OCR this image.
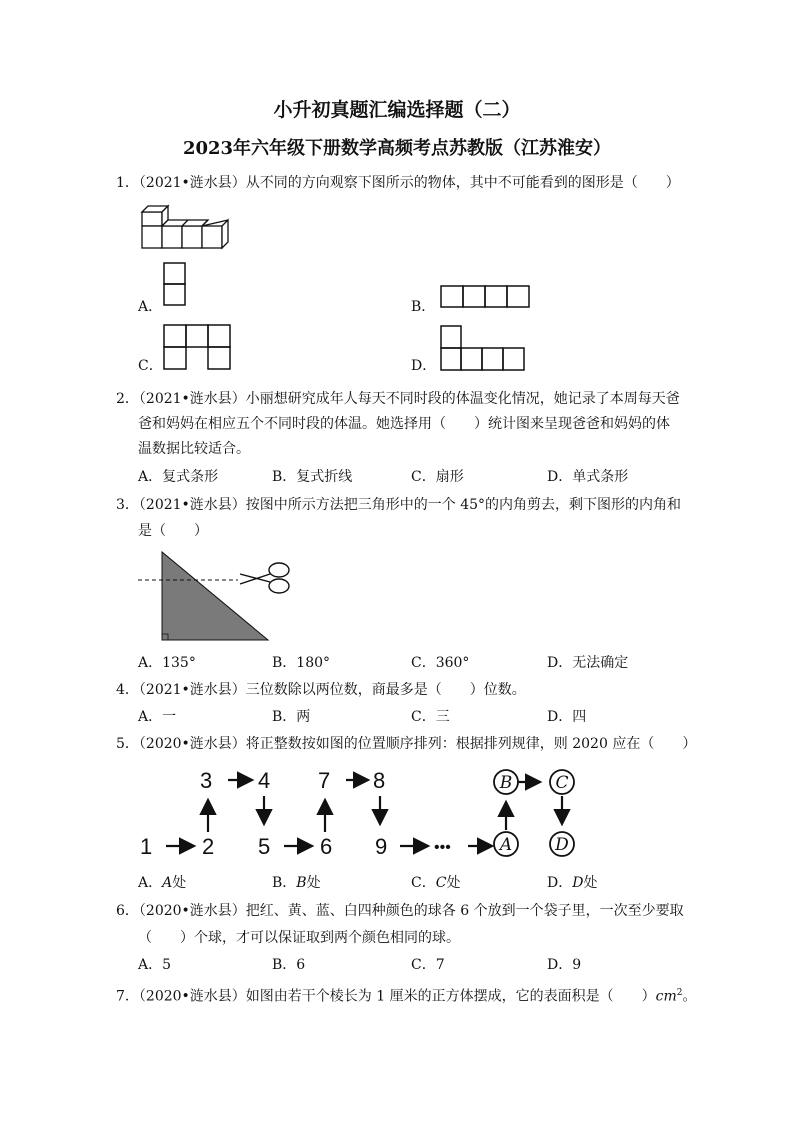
小升初真题汇编选择题（二）
2023年六年级下册数学高频考点苏教版（江苏淮安）
1．（2021•涟水县）从不同的方向观察下图所示的物体，其中不可能看到的图形是（　　）
A．	B．
C．	D．
2．（2021•涟水县）小丽想研究成年人每天不同时段的体温变化情况，她记录了本周每天爸
爸和妈妈在相应五个不同时段的体温。她选择用（　　）统计图来呈现爸爸和妈妈的体
温数据比较适合。
A．复式条形	B．复式折线	C．扇形	D．单式条形
3．（2021•涟水县）按图中所示方法把三角形中的一个 45°的内角剪去，剩下图形的内角和
是（　　）
A．135°	B．180°	C．360°	D．无法确定
4．（2021•涟水县）三位数除以两位数，商最多是（　　）位数。
A．一	B．两	C．三	D．四
5．（2020•涟水县）将正整数按如图的位置顺序排列：根据排列规律，则 2020 应在（　　）
1 2
3 4
5 6
7 8
9	•••	A
B	C
D
A．A处	B．B处	C．C处	D．D处
6．（2020•涟水县）把红、黄、蓝、白四种颜色的球各 6 个放到一个袋子里，一次至少要取
（　　）个球，才可以保证取到两个颜色相同的球。
A．5	B．6	C．7	D．9
7．（2020•涟水县）如图由若干个棱长为 1 厘米的正方体摆成，它的表面积是（　　）$cm^2$。
